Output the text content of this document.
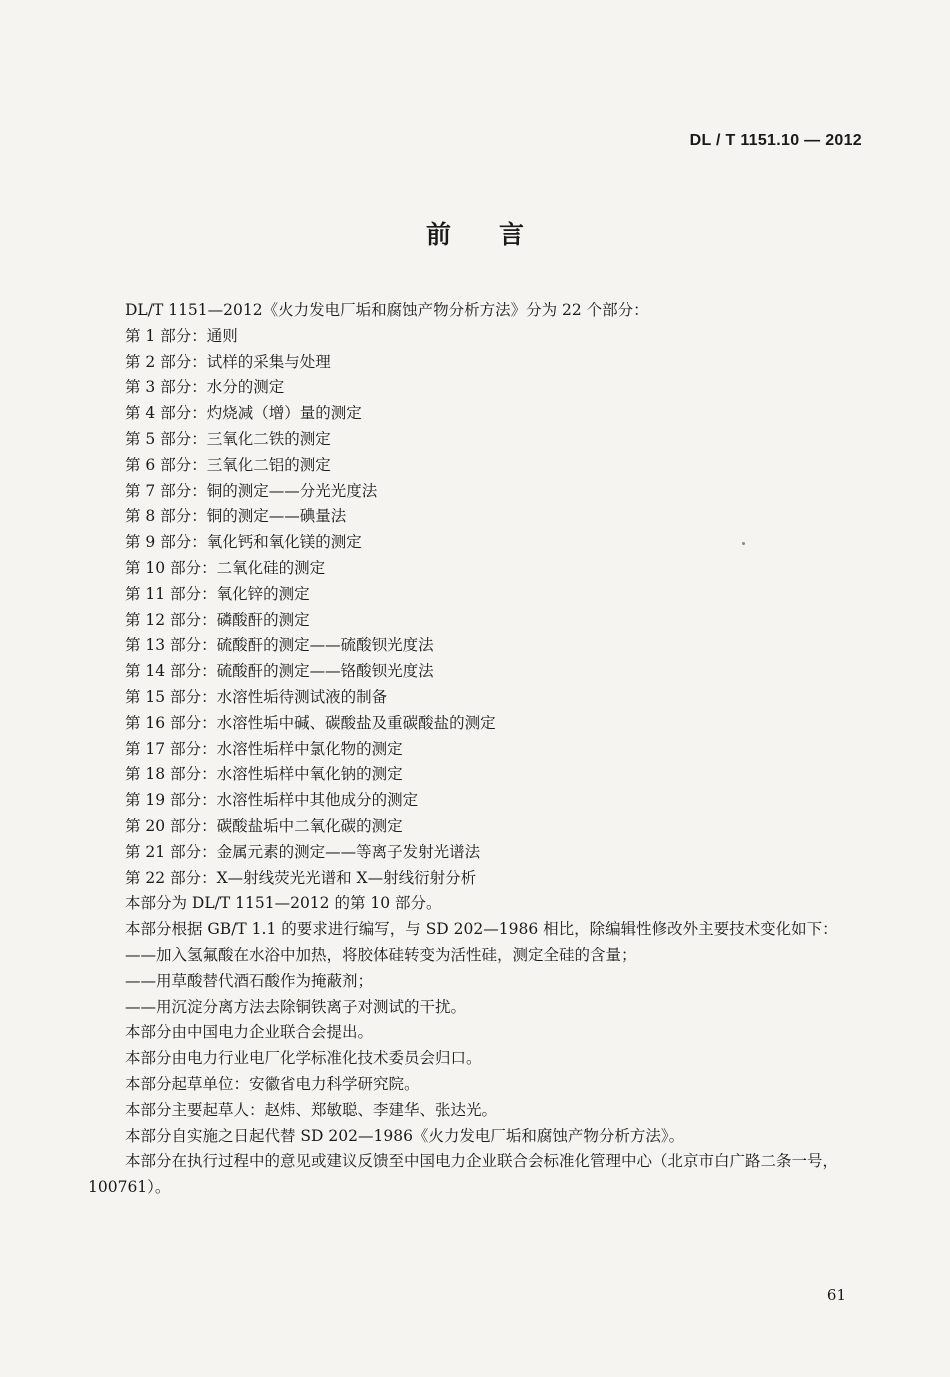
DL / T 1151.10 — 2012
前言
DL/T 1151—2012《火力发电厂垢和腐蚀产物分析方法》分为 22 个部分：
第 1 部分：通则
第 2 部分：试样的采集与处理
第 3 部分：水分的测定
第 4 部分：灼烧减（增）量的测定
第 5 部分：三氧化二铁的测定
第 6 部分：三氧化二铝的测定
第 7 部分：铜的测定——分光光度法
第 8 部分：铜的测定——碘量法
第 9 部分：氧化钙和氧化镁的测定
第 10 部分：二氧化硅的测定
第 11 部分：氧化锌的测定
第 12 部分：磷酸酐的测定
第 13 部分：硫酸酐的测定——硫酸钡光度法
第 14 部分：硫酸酐的测定——铬酸钡光度法
第 15 部分：水溶性垢待测试液的制备
第 16 部分：水溶性垢中碱、碳酸盐及重碳酸盐的测定
第 17 部分：水溶性垢样中氯化物的测定
第 18 部分：水溶性垢样中氧化钠的测定
第 19 部分：水溶性垢样中其他成分的测定
第 20 部分：碳酸盐垢中二氧化碳的测定
第 21 部分：金属元素的测定——等离子发射光谱法
第 22 部分：X—射线荧光光谱和 X—射线衍射分析
本部分为 DL/T 1151—2012 的第 10 部分。
本部分根据 GB/T 1.1 的要求进行编写，与 SD 202—1986 相比，除编辑性修改外主要技术变化如下：
——加入氢氟酸在水浴中加热，将胶体硅转变为活性硅，测定全硅的含量；
——用草酸替代酒石酸作为掩蔽剂；
——用沉淀分离方法去除铜铁离子对测试的干扰。
本部分由中国电力企业联合会提出。
本部分由电力行业电厂化学标准化技术委员会归口。
本部分起草单位：安徽省电力科学研究院。
本部分主要起草人：赵炜、郑敏聪、李建华、张达光。
本部分自实施之日起代替 SD 202—1986《火力发电厂垢和腐蚀产物分析方法》。
本部分在执行过程中的意见或建议反馈至中国电力企业联合会标准化管理中心（北京市白广路二条一号，100761）。
61
